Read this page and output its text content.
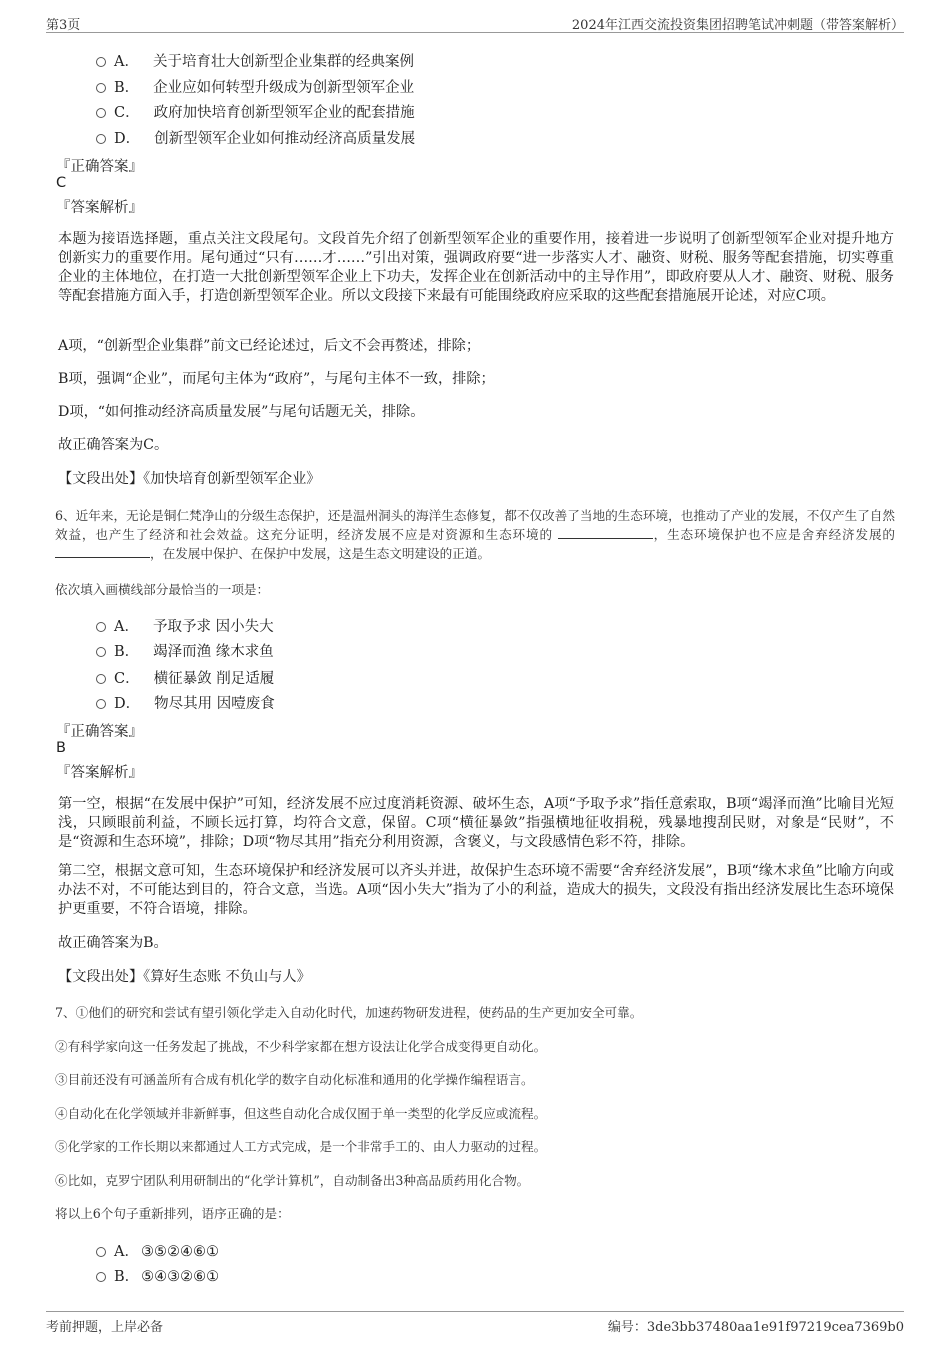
第3页	2024年江西交流投资集团招聘笔试冲刺题（带答案解析）
A． 关于培育壮大创新型企业集群的经典案例
B． 企业应如何转型升级成为创新型领军企业
C． 政府加快培育创新型领军企业的配套措施
D． 创新型领军企业如何推动经济高质量发展
『正确答案』
C
『答案解析』
本题为接语选择题，重点关注文段尾句。文段首先介绍了创新型领军企业的重要作用，接着进一步说明了创新型领军企业对提升地方创新实力的重要作用。尾句通过“只有……才……”引出对策，强调政府要“进一步落实人才、融资、财税、服务等配套措施，切实尊重企业的主体地位，在打造一大批创新型领军企业上下功夫，发挥企业在创新活动中的主导作用”，即政府要从人才、融资、财税、服务等配套措施方面入手，打造创新型领军企业。所以文段接下来最有可能围绕政府应采取的这些配套措施展开论述，对应C项。
A项，“创新型企业集群”前文已经论述过，后文不会再赘述，排除；
B项，强调“企业”，而尾句主体为“政府”，与尾句主体不一致，排除；
D项，“如何推动经济高质量发展”与尾句话题无关，排除。
故正确答案为C。
【文段出处】《加快培育创新型领军企业》
6、近年来，无论是铜仁梵净山的分级生态保护，还是温州洞头的海洋生态修复，都不仅改善了当地的生态环境，也推动了产业的发展，不仅产生了自然效益，也产生了经济和社会效益。这充分证明，经济发展不应是对资源和生态环境的	，生态环境保护也不应是舍弃经济发展的 ，在发展中保护、在保护中发展，这是生态文明建设的正道。
依次填入画横线部分最恰当的一项是：
A． 予取予求 因小失大
B． 竭泽而渔 缘木求鱼
C． 横征暴敛 削足适履
D． 物尽其用 因噎废食
『正确答案』
B
『答案解析』
第一空，根据“在发展中保护”可知，经济发展不应过度消耗资源、破坏生态，A项“予取予求”指任意索取，B项“竭泽而渔”比喻目光短浅，只顾眼前利益，不顾长远打算，均符合文意，保留。C项“横征暴敛”指强横地征收捐税，残暴地搜刮民财，对象是“民财”，不是“资源和生态环境”，排除；D项“物尽其用”指充分利用资源，含褒义，与文段感情色彩不符，排除。
第二空，根据文意可知，生态环境保护和经济发展可以齐头并进，故保护生态环境不需要“舍弃经济发展”，B项“缘木求鱼”比喻方向或办法不对，不可能达到目的，符合文意，当选。A项“因小失大”指为了小的利益，造成大的损失，文段没有指出经济发展比生态环境保护更重要，不符合语境，排除。
故正确答案为B。
【文段出处】《算好生态账 不负山与人》
7、①他们的研究和尝试有望引领化学走入自动化时代，加速药物研发进程，使药品的生产更加安全可靠。
②有科学家向这一任务发起了挑战，不少科学家都在想方设法让化学合成变得更自动化。
③目前还没有可涵盖所有合成有机化学的数字自动化标准和通用的化学操作编程语言。
④自动化在化学领域并非新鲜事，但这些自动化合成仅囿于单一类型的化学反应或流程。
⑤化学家的工作长期以来都通过人工方式完成，是一个非常手工的、由人力驱动的过程。
⑥比如，克罗宁团队利用研制出的“化学计算机”，自动制备出3种高品质药用化合物。
将以上6个句子重新排列，语序正确的是：
A． ③⑤②④⑥①
B． ⑤④③②⑥①
考前押题，上岸必备	编号：3de3bb37480aa1e91f97219cea7369b0
